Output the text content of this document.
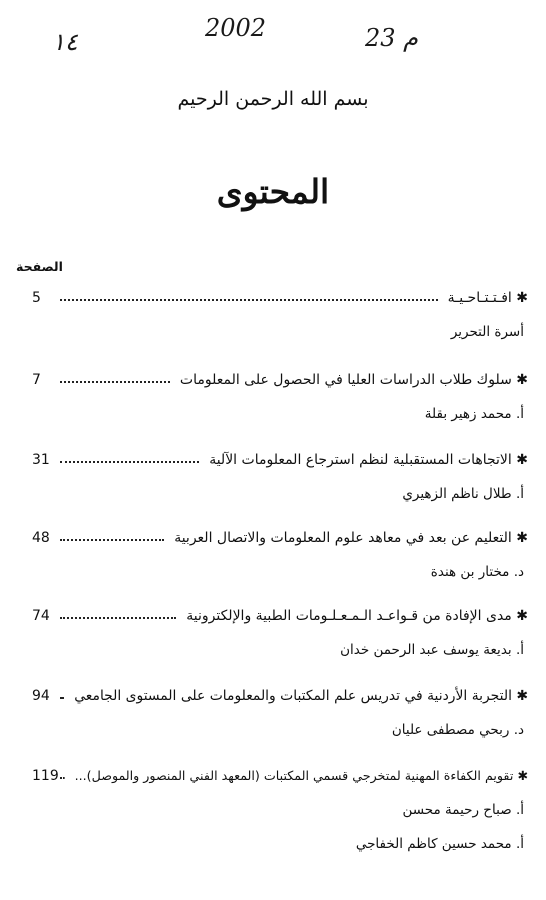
١٤	2002	م 23
بسم الله الرحمن الرحيم
المحتوى
الصفحة
5	✱ افـتـتـاحـيـة
أسرة التحرير
7	✱ سلوك طلاب الدراسات العليا في الحصول على المعلومات
أ. محمد زهير بقلة
31	✱ الاتجاهات المستقبلية لنظم استرجاع المعلومات الآلية
أ. طلال ناظم الزهيري
48	✱ التعليم عن بعد في معاهد علوم المعلومات والاتصال العربية
د. مختار بن هندة
74	✱ مدى الإفادة من قـواعـد الـمـعـلـومات الطبية والإلكترونية
أ. بديعة يوسف عبد الرحمن خدان
94	✱ التجربة الأردنية في تدريس علم المكتبات والمعلومات على المستوى الجامعي
د. ربحي مصطفى عليان
119	✱ تقويم الكفاءة المهنية لمتخرجي قسمي المكتبات (المعهد الفني المنصور والموصل)...
أ. صباح رحيمة محسن
أ. محمد حسين كاظم الخفاجي
